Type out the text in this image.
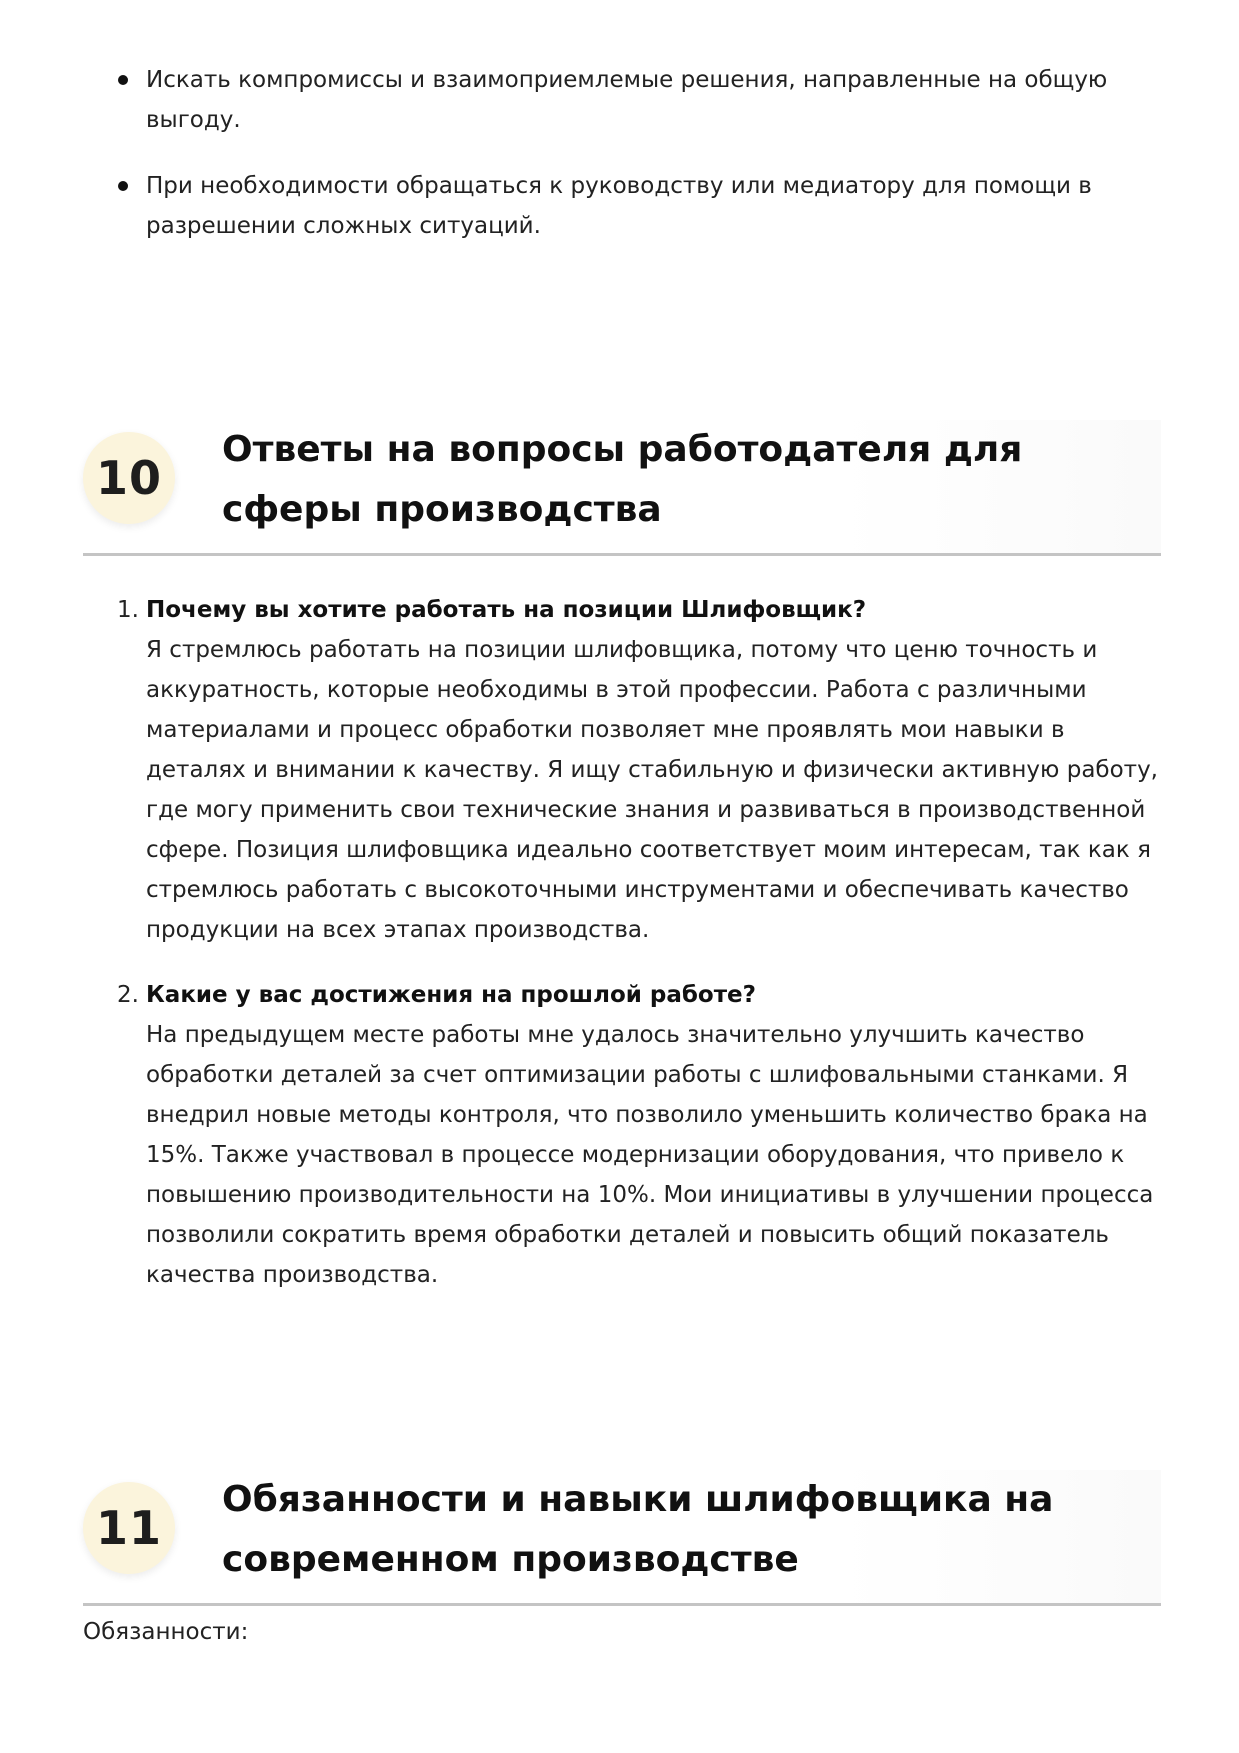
Искать компромиссы и взаимоприемлемые решения, направленные на общую выгоду.
При необходимости обращаться к руководству или медиатору для помощи в разрешении сложных ситуаций.
10
Ответы на вопросы работодателя для сферы производства
1. Почему вы хотите работать на позиции Шлифовщик?
Я стремлюсь работать на позиции шлифовщика, потому что ценю точность и аккуратность, которые необходимы в этой профессии. Работа с различными материалами и процесс обработки позволяет мне проявлять мои навыки в деталях и внимании к качеству. Я ищу стабильную и физически активную работу, где могу применить свои технические знания и развиваться в производственной сфере. Позиция шлифовщика идеально соответствует моим интересам, так как я стремлюсь работать с высокоточными инструментами и обеспечивать качество продукции на всех этапах производства.
2. Какие у вас достижения на прошлой работе?
На предыдущем месте работы мне удалось значительно улучшить качество обработки деталей за счет оптимизации работы с шлифовальными станками. Я внедрил новые методы контроля, что позволило уменьшить количество брака на 15%. Также участвовал в процессе модернизации оборудования, что привело к повышению производительности на 10%. Мои инициативы в улучшении процесса позволили сократить время обработки деталей и повысить общий показатель качества производства.
11
Обязанности и навыки шлифовщика на современном производстве

Обязанности:
